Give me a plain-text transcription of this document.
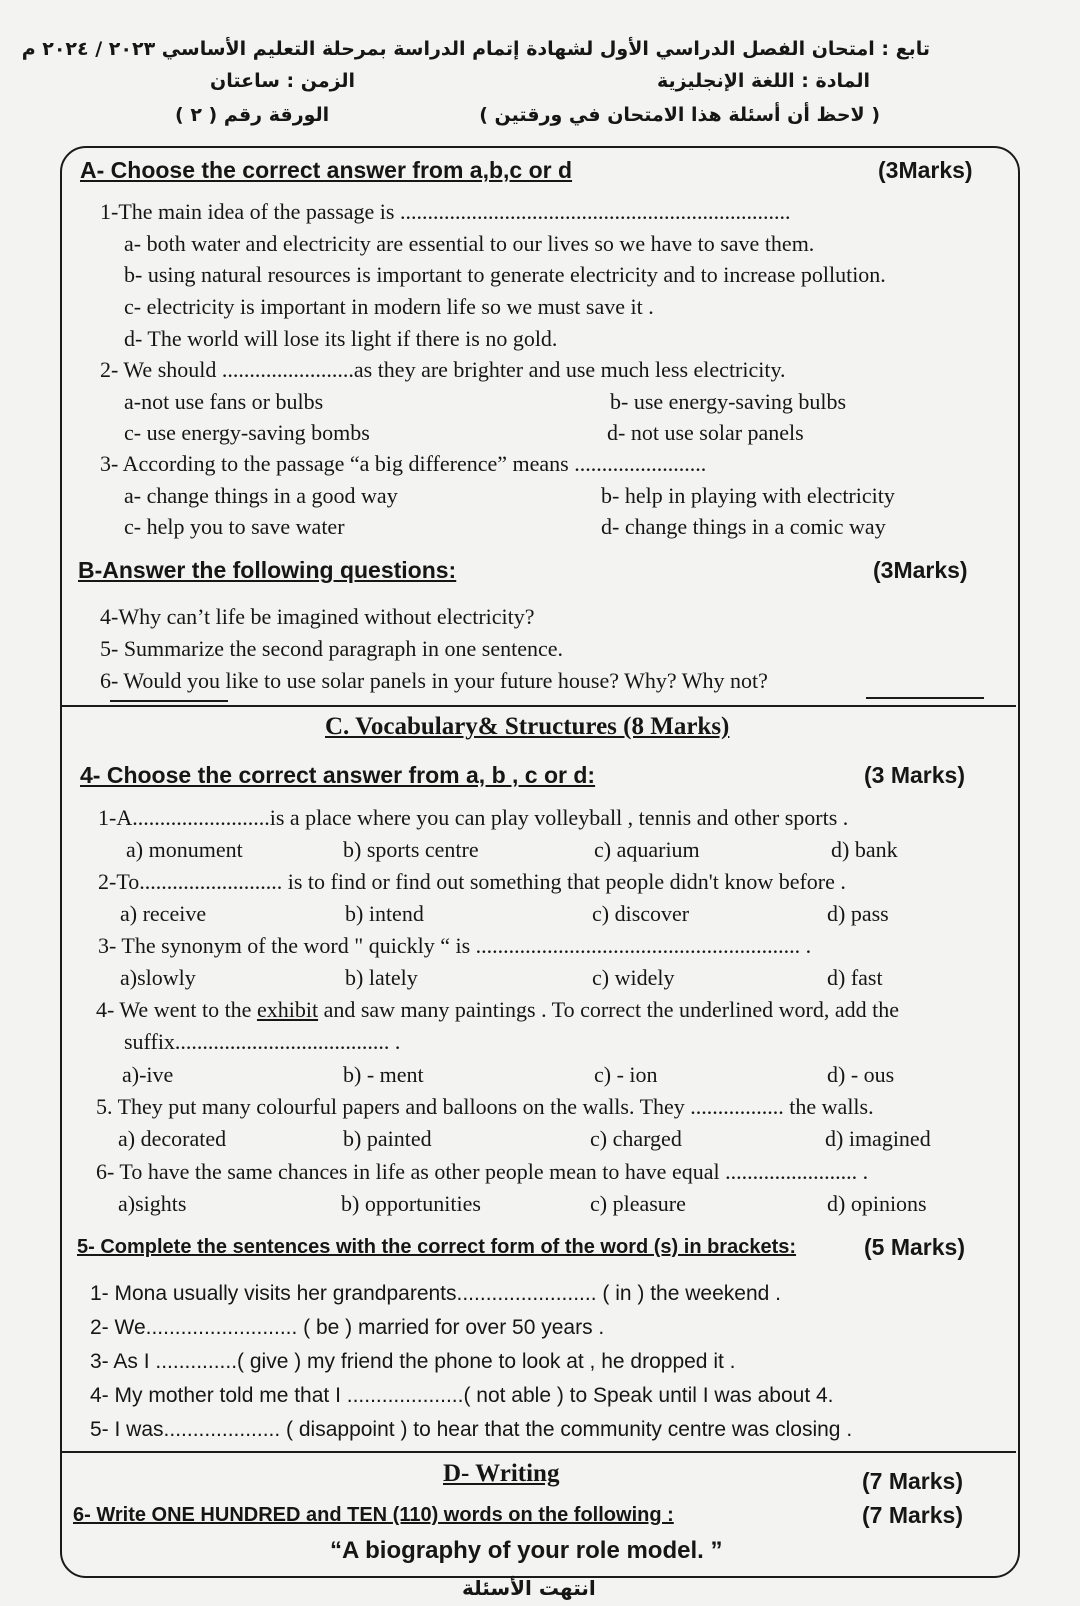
تابع : امتحان الفصل الدراسي الأول لشهادة إتمام الدراسة بمرحلة التعليم الأساسي ٢٠٢٣ / ٢٠٢٤ م
المادة : اللغة الإنجليزية
الزمن : ساعتان
( لاحظ أن أسئلة هذا الامتحان في ورقتين )
الورقة رقم ( ٢ )
A- Choose the correct answer from a,b,c or d	(3Marks)
1-The main idea of the passage is .......................................................................
a- both water and electricity are essential to our lives so we have to save them.
b- using natural resources is important to generate electricity and to increase pollution.
c- electricity is important in modern life so we must save it .
d- The world will lose its light if there is no gold.
2- We should ........................as they are brighter and use much less electricity.
a-not use fans or bulbs	b- use energy-saving bulbs
c- use energy-saving bombs	d- not use solar panels
3- According to the passage “a big difference” means ........................
a- change things in a good way	b- help in playing with electricity
c- help you to save water	d- change things in a comic way
B-Answer the following questions:	(3Marks)
4-Why can’t life be imagined without electricity?
5- Summarize the second paragraph in one sentence.
6- Would you like to use solar panels in your future house? Why? Why not?
C. Vocabulary& Structures (8 Marks)
4- Choose the correct answer from a, b , c or d:	(3 Marks)
1-A.........................is a place where you can play volleyball , tennis and other sports .
a) monument	b) sports centre	c) aquarium	d) bank
2-To.......................... is to find or find out something that people didn't know before .
a) receive	b) intend	c) discover	d) pass
3- The synonym of the word " quickly “ is ........................................................... .
a)slowly	b) lately	c) widely	d) fast
4- We went to the exhibit and saw many paintings . To correct the underlined word, add the
suffix....................................... .
a)-ive	b) - ment	c) - ion	d) - ous
5. They put many colourful papers and balloons on the walls. They ................. the walls.
a) decorated	b) painted	c) charged	d) imagined
6- To have the same chances in life as other people mean to have equal ........................ .
a)sights	b) opportunities	c) pleasure	d) opinions
5- Complete the sentences with the correct form of the word (s) in brackets:	(5 Marks)
1- Mona usually visits her grandparents........................ ( in ) the weekend .
2- We.......................... ( be ) married for over 50 years .
3- As I ..............( give ) my friend the phone to look at , he dropped it .
4- My mother told me that I ....................( not able ) to Speak until I was about 4.
5- I was.................... ( disappoint ) to hear that the community centre was closing .
D- Writing	(7 Marks)
6- Write ONE HUNDRED and TEN (110) words on the following :	(7 Marks)
“A biography of your role model. ”
انتهت الأسئلة
